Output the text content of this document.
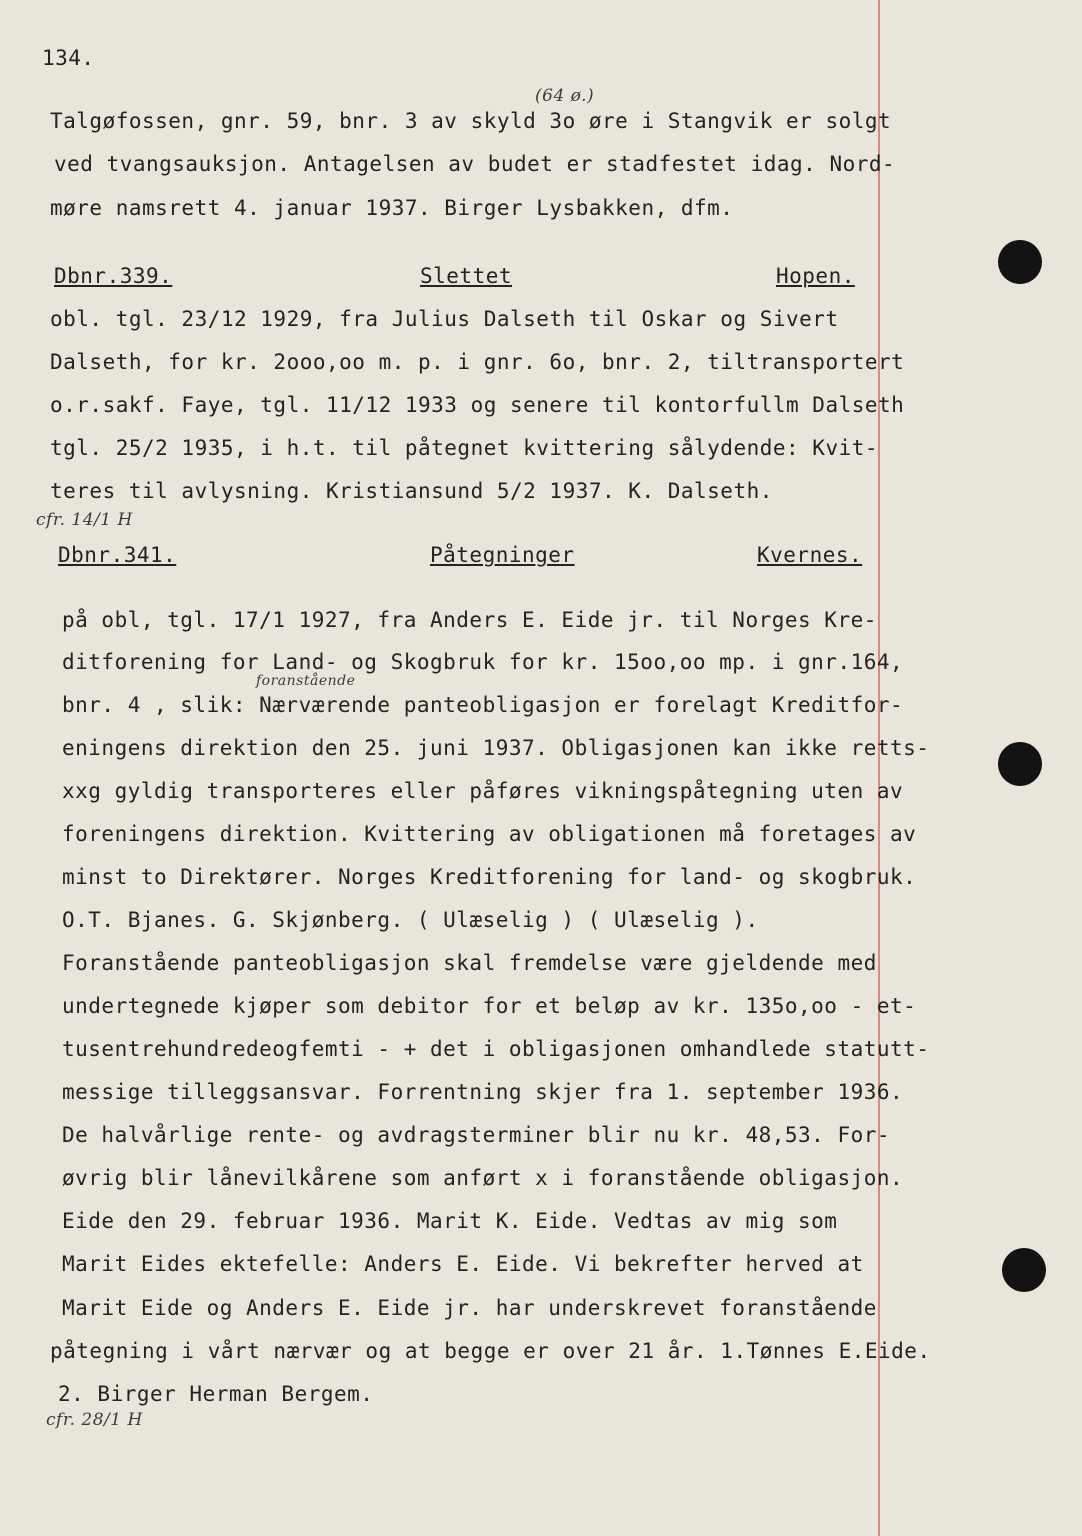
134.
(64 ø.)
Talgøfossen, gnr. 59, bnr. 3 av skyld 3o øre i Stangvik er solgt
ved tvangsauksjon. Antagelsen av budet er stadfestet idag. Nord-
møre namsrett 4. januar 1937. Birger Lysbakken, dfm.
Dbnr.339.	Slettet	Hopen.
obl. tgl. 23/12 1929, fra Julius Dalseth til Oskar og Sivert
Dalseth, for kr. 2ooo,oo m. p. i gnr. 6o, bnr. 2, tiltransportert
o.r.sakf. Faye, tgl. 11/12 1933 og senere til kontorfullm Dalseth
tgl. 25/2 1935, i h.t. til påtegnet kvittering sålydende: Kvit-
teres til avlysning. Kristiansund 5/2 1937. K. Dalseth.
cfr. 14/1 H
Dbnr.341.	Påtegninger	Kvernes.
på obl, tgl. 17/1 1927, fra Anders E. Eide jr. til Norges Kre-
ditforening for Land- og Skogbruk for kr. 15oo,oo mp. i gnr.164,
foranstående
bnr. 4 , slik: Nærværende panteobligasjon er forelagt Kreditfor-
eningens direktion den 25. juni 1937. Obligasjonen kan ikke retts-
xxg gyldig transporteres eller påføres vikningspåtegning uten av
foreningens direktion. Kvittering av obligationen må foretages av
minst to Direktører. Norges Kreditforening for land- og skogbruk.
O.T. Bjanes. G. Skjønberg. ( Ulæselig ) ( Ulæselig ).
Foranstående panteobligasjon skal fremdelse være gjeldende med
undertegnede kjøper som debitor for et beløp av kr. 135o,oo - et-
tusentrehundredeogfemti - + det i obligasjonen omhandlede statutt-
messige tilleggsansvar. Forrentning skjer fra 1. september 1936.
De halvårlige rente- og avdragsterminer blir nu kr. 48,53. For-
øvrig blir lånevilkårene som anført x i foranstående obligasjon.
Eide den 29. februar 1936. Marit K. Eide. Vedtas av mig som
Marit Eides ektefelle: Anders E. Eide. Vi bekrefter herved at
Marit Eide og Anders E. Eide jr. har underskrevet foranstående
påtegning i vårt nærvær og at begge er over 21 år. 1.Tønnes E.Eide.
2. Birger Herman Bergem.
cfr. 28/1 H
